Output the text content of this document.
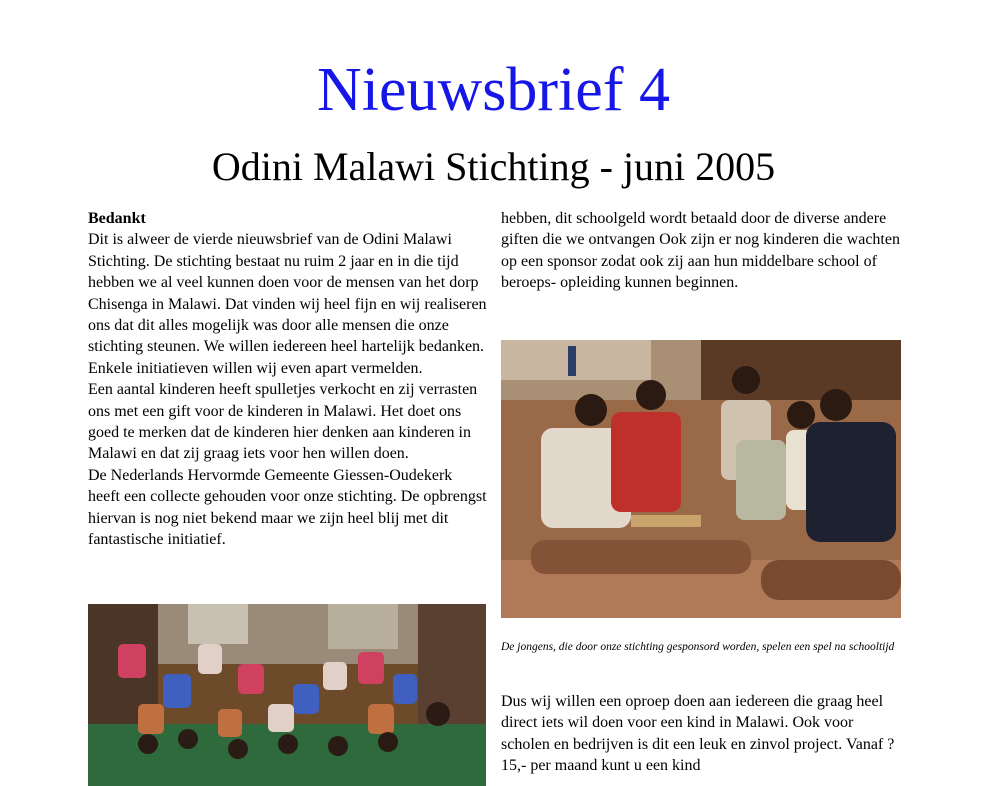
Nieuwsbrief 4
Odini Malawi Stichting - juni 2005

Bedankt

Dit is alweer de vierde nieuwsbrief van de Odini Malawi Stichting. De stichting bestaat nu ruim 2 jaar en in die tijd hebben we al veel kunnen doen voor de mensen van het dorp Chisenga in Malawi. Dat vinden wij heel fijn en wij realiseren ons dat dit alles mogelijk was door alle mensen die onze stichting steunen. We willen iedereen heel hartelijk bedanken. Enkele initiatieven willen wij even apart vermelden.

Een aantal kinderen heeft spulletjes verkocht en zij verrasten ons met een gift voor de kinderen in Malawi. Het doet ons goed te merken dat de kinderen hier denken aan kinderen in Malawi en dat zij graag iets voor hen willen doen.

De Nederlands Hervormde Gemeente Giessen-Oudekerk heeft een collecte gehouden voor onze stichting. De opbrengst hiervan is nog niet bekend maar we zijn heel blij met dit fantastische initiatief.

hebben, dit schoolgeld wordt betaald door de diverse andere giften die we ontvangen Ook zijn er nog kinderen die wachten op een sponsor zodat ook zij aan hun middelbare school of beroeps- opleiding kunnen beginnen.

De jongens, die door onze stichting gesponsord worden, spelen een spel na schooltijd

Dus wij willen een oproep doen aan iedereen die graag heel direct iets wil doen voor een kind in Malawi. Ook voor scholen en bedrijven is dit een leuk en zinvol project. Vanaf ? 15,- per maand kunt u een kind
